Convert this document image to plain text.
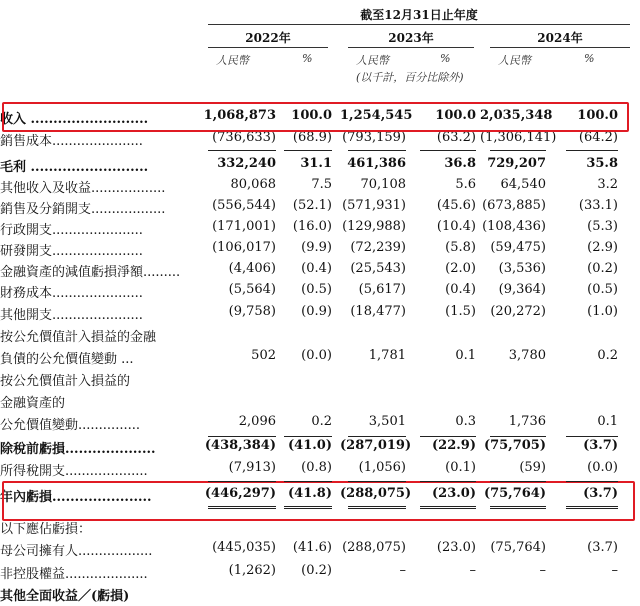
截至12月31日止年度
2022年	2023年	2024年
人民幣	%	人民幣	%
(以千計，百分比除外)
人民幣	%
收入 ..........................	1,068,873	100.0 1,254,545	100.0 2,035,348	100.0
銷售成本......................	(736,633)	(68.9) (793,159)	(63.2) (1,306,141)	(64.2)
毛利 ..........................	332,240	31.1	461,386	36.8 729,207	35.8
其他收入及收益..................	80,068	7.5	70,108	5.6	64,540	3.2
銷售及分銷開支..................	(556,544)	(52.1) (571,931)	(45.6) (673,885)	(33.1)
行政開支......................	(171,001)	(16.0) (129,988)	(10.4) (108,436)	(5.3)
研發開支......................	(106,017)	(9.9)	(72,239)	(5.8)	(59,475)	(2.9)
金融資產的減值虧損淨額.........	(4,406)	(0.4)	(25,543)	(2.0)	(3,536)	(0.2)
財務成本......................	(5,564)	(0.5)	(5,617)	(0.4)	(9,364)	(0.5)
其他開支......................	(9,758)	(0.9)	(18,477)	(1.5)	(20,272)	(1.0)
按公允價值計入損益的金融
負債的公允價值變動 ...	502	(0.0)	1,781	0.1	3,780	0.2
按公允價值計入損益的
金融資產的
公允價值變動...............	2,096	0.2	3,501	0.3	1,736	0.1
除稅前虧損....................	(438,384) (41.0) (287,019)	(22.9) (75,705)	(3.7)
所得稅開支....................	(7,913)	(0.8)	(1,056)	(0.1)	(59)	(0.0)
年內虧損......................	(446,297) (41.8) (288,075)	(23.0) (75,764)	(3.7)
以下應佔虧損：
母公司擁有人..................	(445,035)	(41.6) (288,075)	(23.0)	(75,764)	(3.7)
非控股權益....................	(1,262)	(0.2)	–	–	–	–
其他全面收益／(虧損)
